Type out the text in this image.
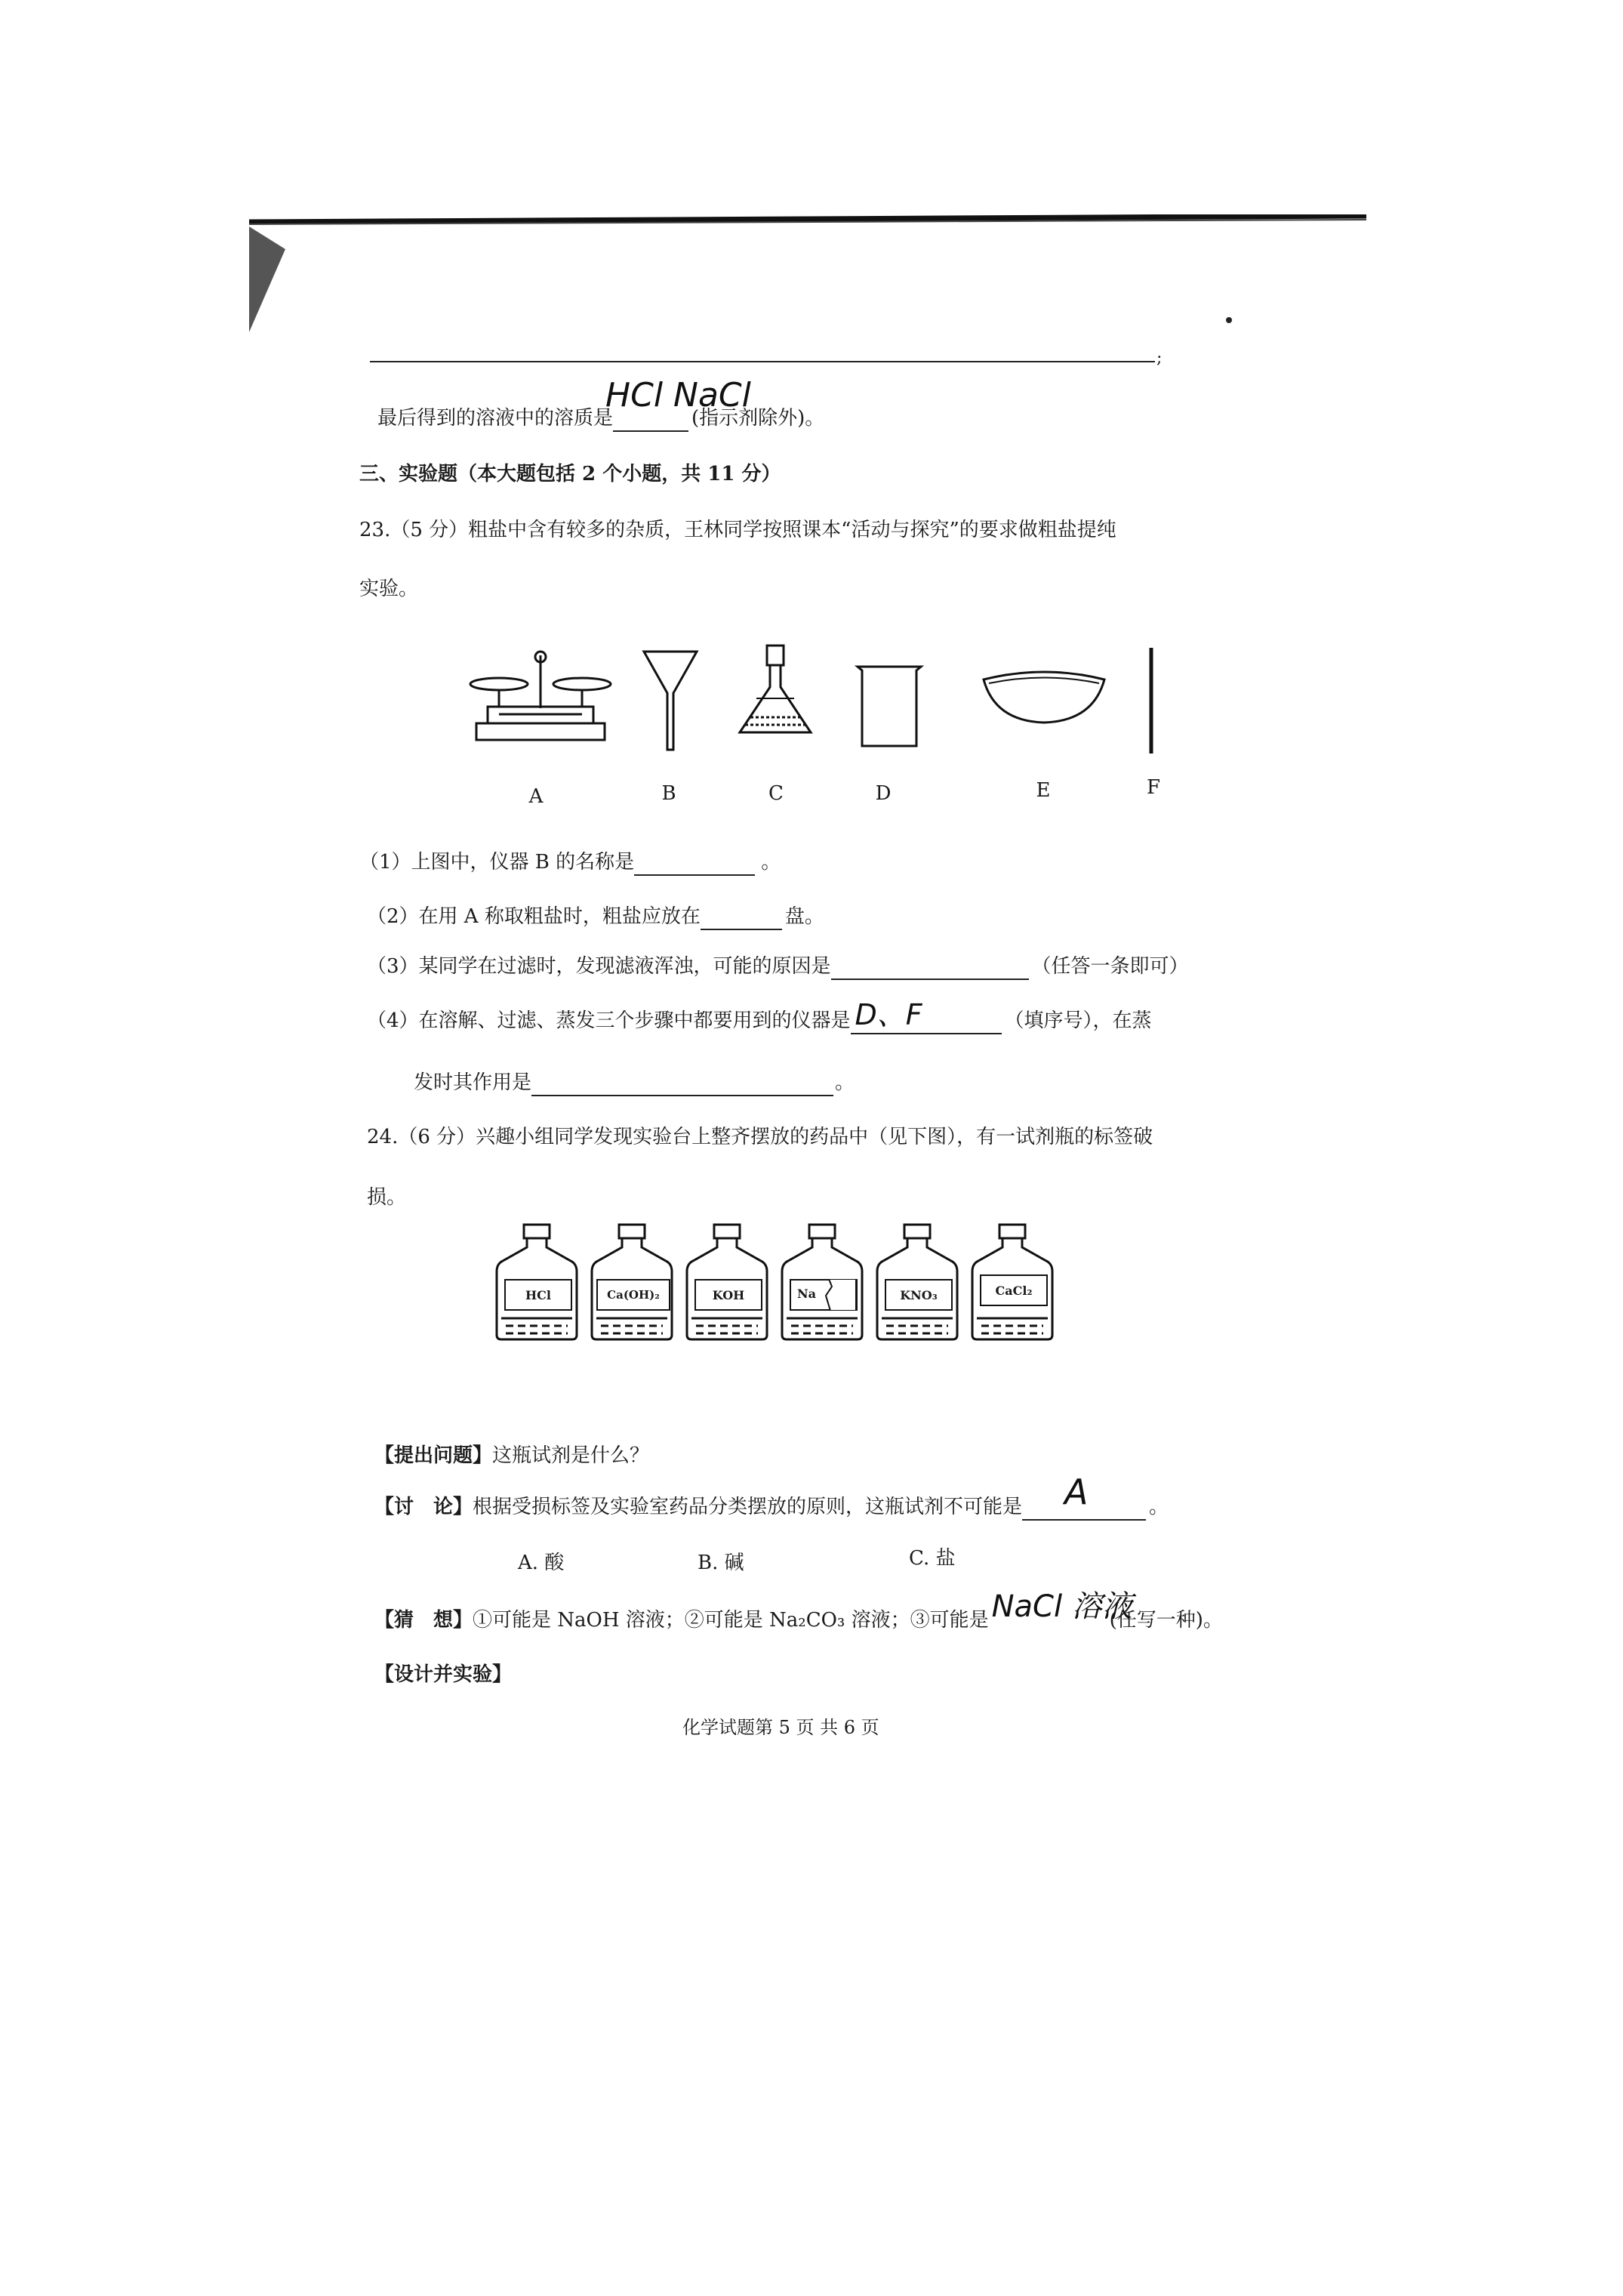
;
最后得到的溶液中的溶质是
HCl NaCl
(指示剂除外)。
三、实验题（本大题包括 2 个小题，共 11 分）
23.（5 分）粗盐中含有较多的杂质，王林同学按照课本“活动与探究”的要求做粗盐提纯
实验。
A	B	C	D	E	F
（1）上图中，仪器 B 的名称是	。
（2）在用 A 称取粗盐时，粗盐应放在	盘。
（3）某同学在过滤时，发现滤液浑浊，可能的原因是	（任答一条即可）
（4）在溶解、过滤、蒸发三个步骤中都要用到的仪器是 D、F	（填序号），在蒸
发时其作用是	。
24.（6 分）兴趣小组同学发现实验台上整齐摆放的药品中（见下图），有一试剂瓶的标签破
损。
HCl	Ca(OH)₂	KOH	Na	KNO₃	CaCl₂
【提出问题】这瓶试剂是什么？
【讨　论】根据受损标签及实验室药品分类摆放的原则，这瓶试剂不可能是 A	。
A. 酸	B. 碱	C. 盐
【猜　想】①可能是 NaOH 溶液；②可能是 Na₂CO₃ 溶液；③可能是 NaCl 溶液
(任写一种)。
【设计并实验】
化学试题第 5 页 共 6 页
